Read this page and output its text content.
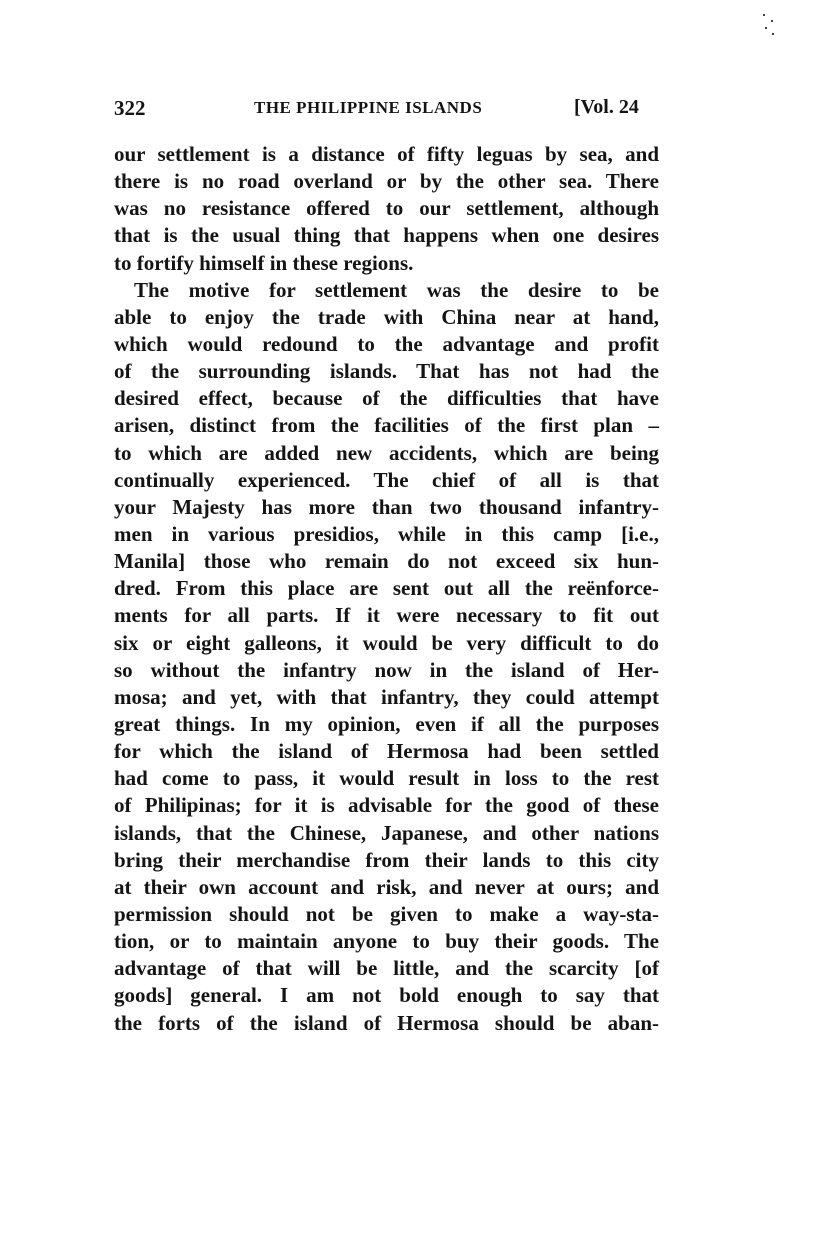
322	THE PHILIPPINE ISLANDS	[Vol. 24
our settlement is a distance of fifty leguas by sea, and
there is no road overland or by the other sea. There
was no resistance offered to our settlement, although
that is the usual thing that happens when one desires
to fortify himself in these regions.
The motive for settlement was the desire to be
able to enjoy the trade with China near at hand,
which would redound to the advantage and profit
of the surrounding islands. That has not had the
desired effect, because of the difficulties that have
arisen, distinct from the facilities of the first plan –
to which are added new accidents, which are being
continually experienced. The chief of all is that
your Majesty has more than two thousand infantry-
men in various presidios, while in this camp [i.e.,
Manila] those who remain do not exceed six hun-
dred. From this place are sent out all the reënforce-
ments for all parts. If it were necessary to fit out
six or eight galleons, it would be very difficult to do
so without the infantry now in the island of Her-
mosa; and yet, with that infantry, they could attempt
great things. In my opinion, even if all the purposes
for which the island of Hermosa had been settled
had come to pass, it would result in loss to the rest
of Philipinas; for it is advisable for the good of these
islands, that the Chinese, Japanese, and other nations
bring their merchandise from their lands to this city
at their own account and risk, and never at ours; and
permission should not be given to make a way-sta-
tion, or to maintain anyone to buy their goods. The
advantage of that will be little, and the scarcity [of
goods] general. I am not bold enough to say that
the forts of the island of Hermosa should be aban-
